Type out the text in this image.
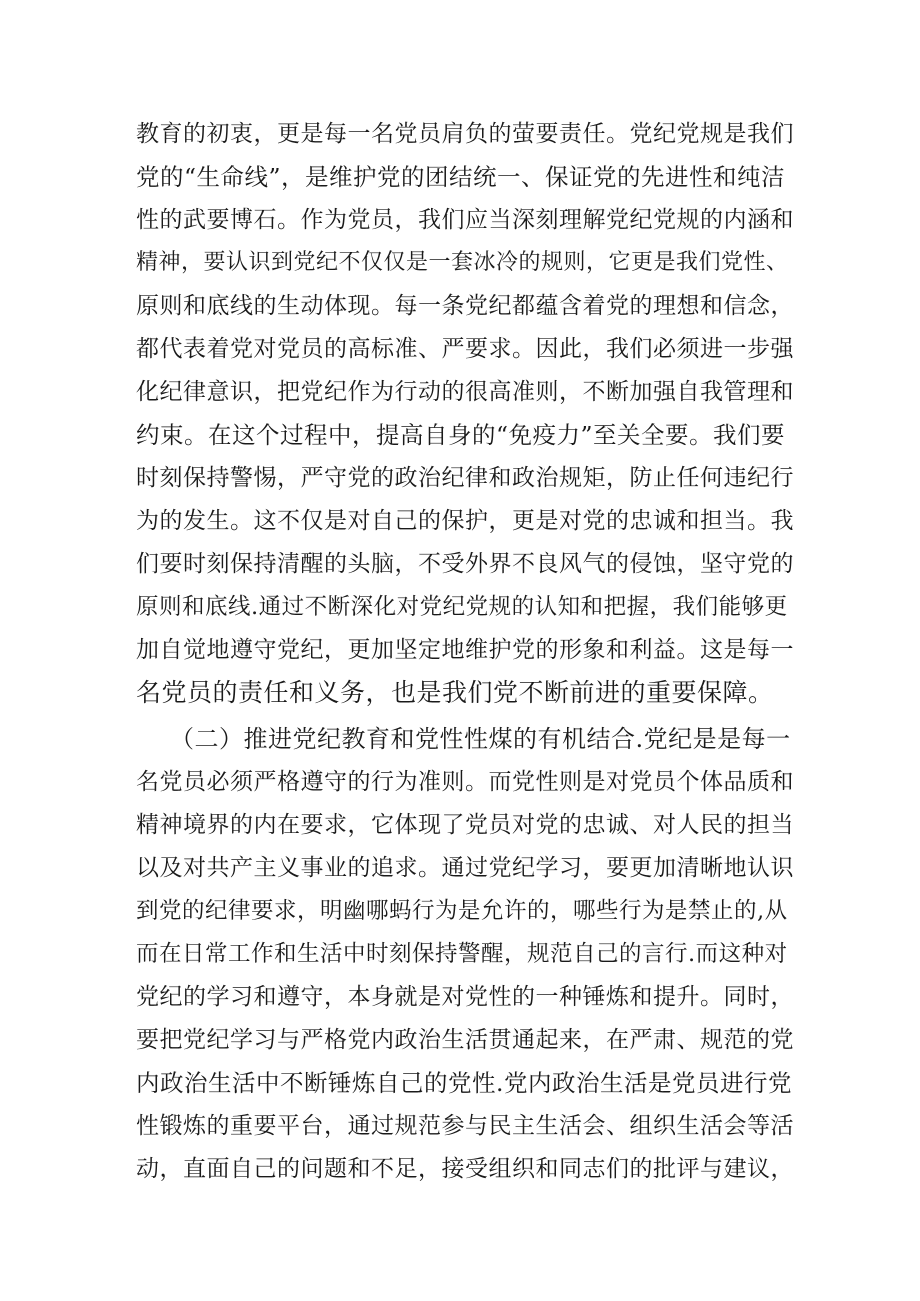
教育的初衷，更是每一名党员肩负的萤要责任。党纪党规是我们
党的“生命线”，是维护党的团结统一、保证党的先进性和纯洁
性的武要博石。作为党员，我们应当深刻理解党纪党规的内涵和
精神，要认识到党纪不仅仅是一套冰冷的规则，它更是我们党性、
原则和底线的生动体现。每一条党纪都蕴含着党的理想和信念，
都代表着党对党员的高标准、严要求。因此，我们必须进一步强
化纪律意识，把党纪作为行动的很高准则，不断加强自我管理和
约束。在这个过程中，提高自身的“免疫力”至关全要。我们要
时刻保持警惕，严守党的政治纪律和政治规矩，防止任何违纪行
为的发生。这不仅是对自己的保护，更是对党的忠诚和担当。我
们要时刻保持清醒的头脑，不受外界不良风气的侵蚀，坚守党的
原则和底线.通过不断深化对党纪党规的认知和把握，我们能够更
加自觉地遵守党纪，更加坚定地维护党的形象和利益。这是每一
名党员的责任和义务，也是我们党不断前进的重要保障。
（二）推进党纪教育和党性性煤的有机结合.党纪是是每一
名党员必须严格遵守的行为准则。而党性则是对党员个体品质和
精神境界的内在要求，它体现了党员对党的忠诚、对人民的担当
以及对共产主义事业的追求。通过党纪学习，要更加清晰地认识
到党的纪律要求，明幽哪蚂行为是允许的，哪些行为是禁止的,从
而在日常工作和生活中时刻保持警醒，规范自己的言行.而这种对
党纪的学习和遵守，本身就是对党性的一种锤炼和提升。同时，
要把党纪学习与严格党内政治生活贯通起来，在严肃、规范的党
内政治生活中不断锤炼自己的党性.党内政治生活是党员进行党
性锻炼的重要平台，通过规范参与民主生活会、组织生活会等活
动，直面自己的问题和不足，接受组织和同志们的批评与建议，
